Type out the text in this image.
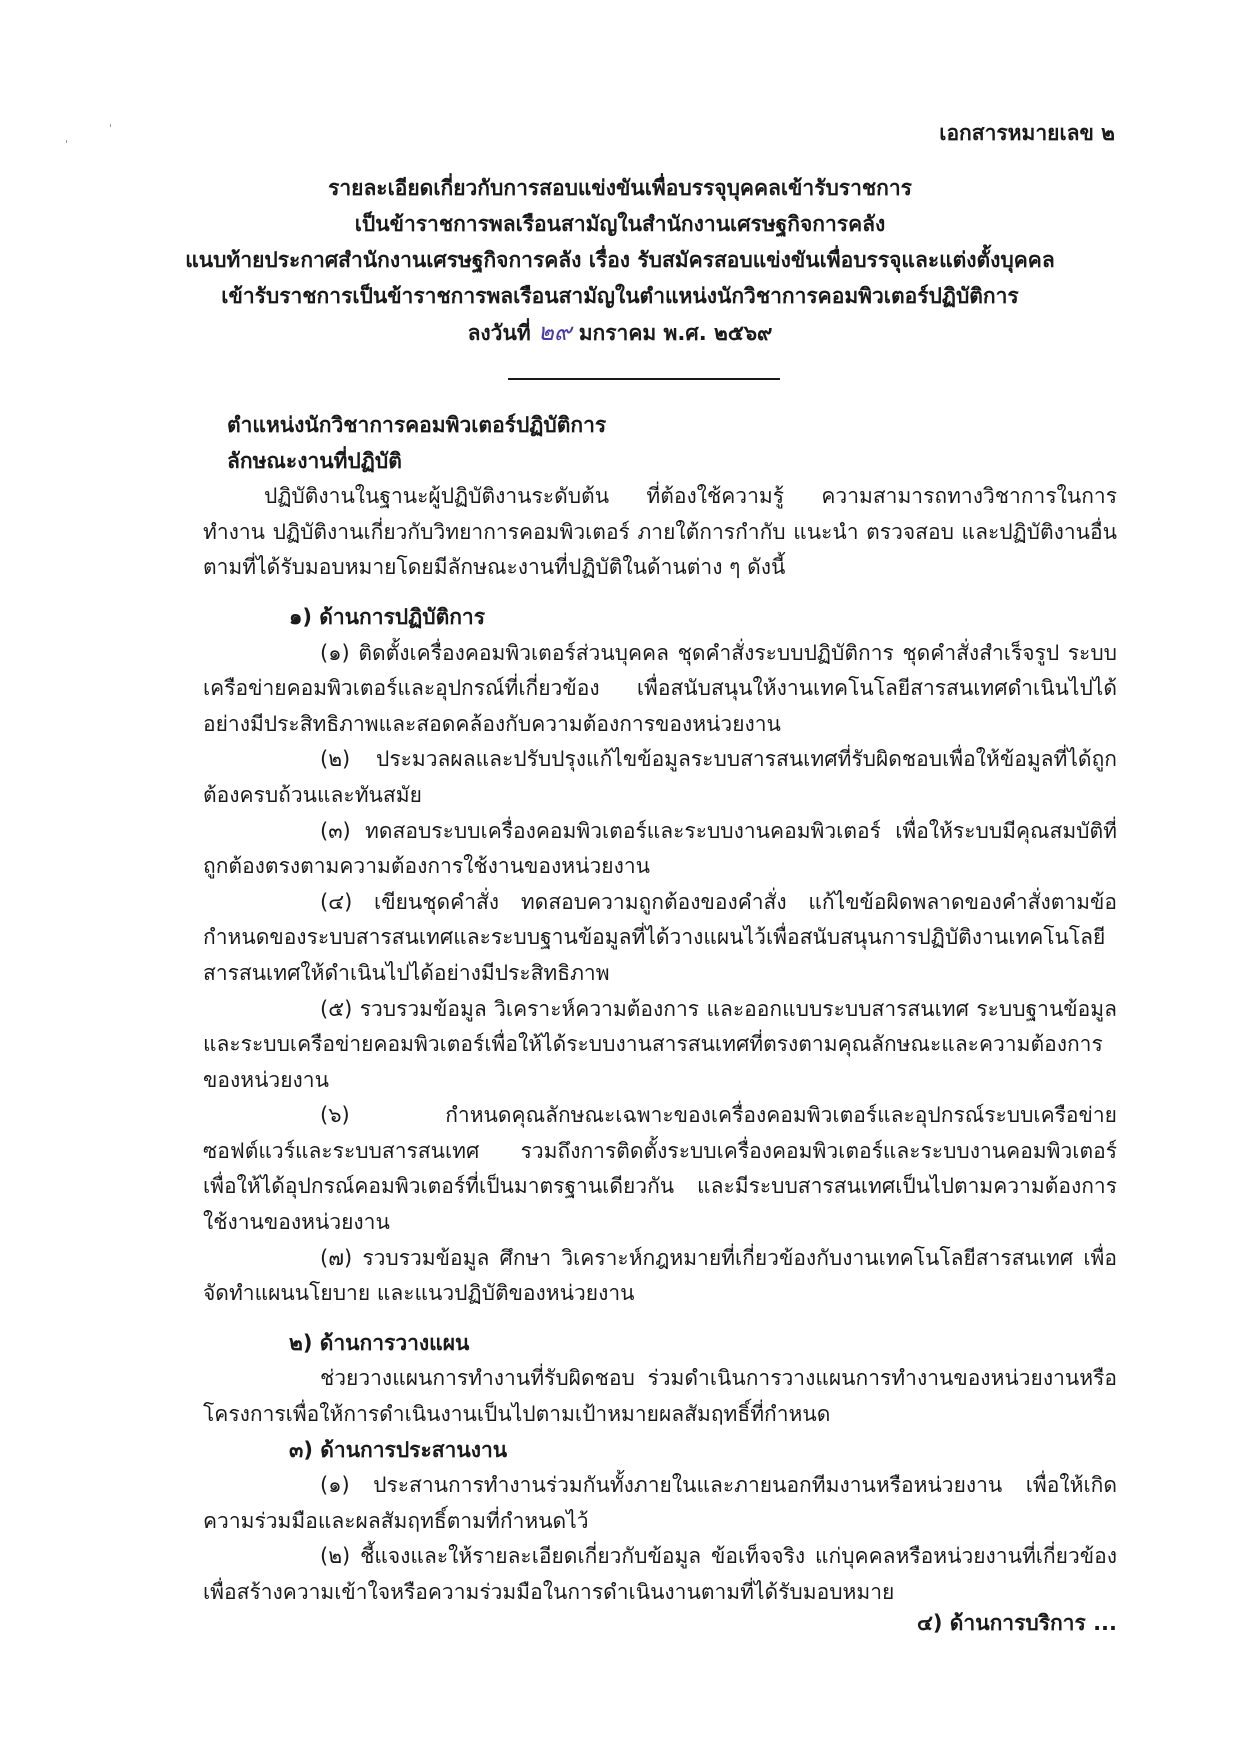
เอกสารหมายเลข ๒
รายละเอียดเกี่ยวกับการสอบแข่งขันเพื่อบรรจุบุคคลเข้ารับราชการ
เป็นข้าราชการพลเรือนสามัญในสำนักงานเศรษฐกิจการคลัง
แนบท้ายประกาศสำนักงานเศรษฐกิจการคลัง เรื่อง รับสมัครสอบแข่งขันเพื่อบรรจุและแต่งตั้งบุคคล
เข้ารับราชการเป็นข้าราชการพลเรือนสามัญในตำแหน่งนักวิชาการคอมพิวเตอร์ปฏิบัติการ
ลงวันที่ ๒๙ มกราคม พ.ศ. ๒๕๖๙
ตำแหน่งนักวิชาการคอมพิวเตอร์ปฏิบัติการ
ลักษณะงานที่ปฏิบัติ

ปฏิบัติงานในฐานะผู้ปฏิบัติงานระดับต้น ที่ต้องใช้ความรู้ ความสามารถทางวิชาการในการทำงาน ปฏิบัติงานเกี่ยวกับวิทยาการคอมพิวเตอร์ ภายใต้การกำกับ แนะนำ ตรวจสอบ และปฏิบัติงานอื่นตามที่ได้รับมอบหมายโดยมีลักษณะงานที่ปฏิบัติในด้านต่าง ๆ ดังนี้

๑) ด้านการปฏิบัติการ

(๑) ติดตั้งเครื่องคอมพิวเตอร์ส่วนบุคคล ชุดคำสั่งระบบปฏิบัติการ ชุดคำสั่งสำเร็จรูป ระบบเครือข่ายคอมพิวเตอร์และอุปกรณ์ที่เกี่ยวข้อง เพื่อสนับสนุนให้งานเทคโนโลยีสารสนเทศดำเนินไปได้อย่างมีประสิทธิภาพและสอดคล้องกับความต้องการของหน่วยงาน

(๒) ประมวลผลและปรับปรุงแก้ไขข้อมูลระบบสารสนเทศที่รับผิดชอบเพื่อให้ข้อมูลที่ได้ถูกต้องครบถ้วนและทันสมัย

(๓) ทดสอบระบบเครื่องคอมพิวเตอร์และระบบงานคอมพิวเตอร์ เพื่อให้ระบบมีคุณสมบัติที่ถูกต้องตรงตามความต้องการใช้งานของหน่วยงาน

(๔) เขียนชุดคำสั่ง ทดสอบความถูกต้องของคำสั่ง แก้ไขข้อผิดพลาดของคำสั่งตามข้อกำหนดของระบบสารสนเทศและระบบฐานข้อมูลที่ได้วางแผนไว้เพื่อสนับสนุนการปฏิบัติงานเทคโนโลยีสารสนเทศให้ดำเนินไปได้อย่างมีประสิทธิภาพ

(๕) รวบรวมข้อมูล วิเคราะห์ความต้องการ และออกแบบระบบสารสนเทศ ระบบฐานข้อมูลและระบบเครือข่ายคอมพิวเตอร์เพื่อให้ได้ระบบงานสารสนเทศที่ตรงตามคุณลักษณะและความต้องการของหน่วยงาน

(๖) กำหนดคุณลักษณะเฉพาะของเครื่องคอมพิวเตอร์และอุปกรณ์ระบบเครือข่าย ซอฟต์แวร์และระบบสารสนเทศ รวมถึงการติดตั้งระบบเครื่องคอมพิวเตอร์และระบบงานคอมพิวเตอร์ เพื่อให้ได้อุปกรณ์คอมพิวเตอร์ที่เป็นมาตรฐานเดียวกัน และมีระบบสารสนเทศเป็นไปตามความต้องการใช้งานของหน่วยงาน

(๗) รวบรวมข้อมูล ศึกษา วิเคราะห์กฎหมายที่เกี่ยวข้องกับงานเทคโนโลยีสารสนเทศ เพื่อจัดทำแผนนโยบาย และแนวปฏิบัติของหน่วยงาน

๒) ด้านการวางแผน

ช่วยวางแผนการทำงานที่รับผิดชอบ ร่วมดำเนินการวางแผนการทำงานของหน่วยงานหรือโครงการเพื่อให้การดำเนินงานเป็นไปตามเป้าหมายผลสัมฤทธิ์ที่กำหนด

๓) ด้านการประสานงาน

(๑) ประสานการทำงานร่วมกันทั้งภายในและภายนอกทีมงานหรือหน่วยงาน เพื่อให้เกิดความร่วมมือและผลสัมฤทธิ์ตามที่กำหนดไว้

(๒) ชี้แจงและให้รายละเอียดเกี่ยวกับข้อมูล ข้อเท็จจริง แก่บุคคลหรือหน่วยงานที่เกี่ยวข้องเพื่อสร้างความเข้าใจหรือความร่วมมือในการดำเนินงานตามที่ได้รับมอบหมาย

๔) ด้านการบริการ ...
